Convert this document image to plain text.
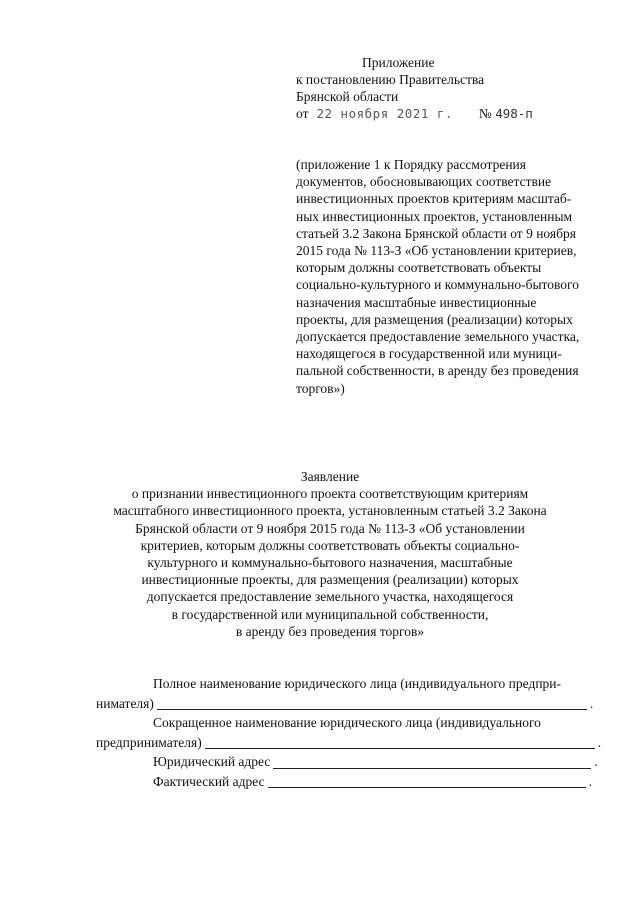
Приложение
к постановлению Правительства
Брянской области
от 22 ноября 2021 г. № 498-п
(приложение 1 к Порядку рассмотрения
документов, обосновывающих соответствие
инвестиционных проектов критериям масштаб-
ных инвестиционных проектов, установленным
статьей 3.2 Закона Брянской области от 9 ноября
2015 года № 113-З «Об установлении критериев,
которым должны соответствовать объекты
социально-культурного и коммунально-бытового
назначения масштабные инвестиционные
проекты, для размещения (реализации) которых
допускается предоставление земельного участка,
находящегося в государственной или муници-
пальной собственности, в аренду без проведения
торгов»)
Заявление
о признании инвестиционного проекта соответствующим критериям
масштабного инвестиционного проекта, установленным статьей 3.2 Закона
Брянской области от 9 ноября 2015 года № 113-З «Об установлении
критериев, которым должны соответствовать объекты социально-
культурного и коммунально-бытового назначения, масштабные
инвестиционные проекты, для размещения (реализации) которых
допускается предоставление земельного участка, находящегося
в государственной или муниципальной собственности,
в аренду без проведения торгов»
Полное наименование юридического лица (индивидуального предпри-
нимателя)	.
Сокращенное наименование юридического лица (индивидуального
предпринимателя)	.
Юридический адрес	.
Фактический адрес	.
